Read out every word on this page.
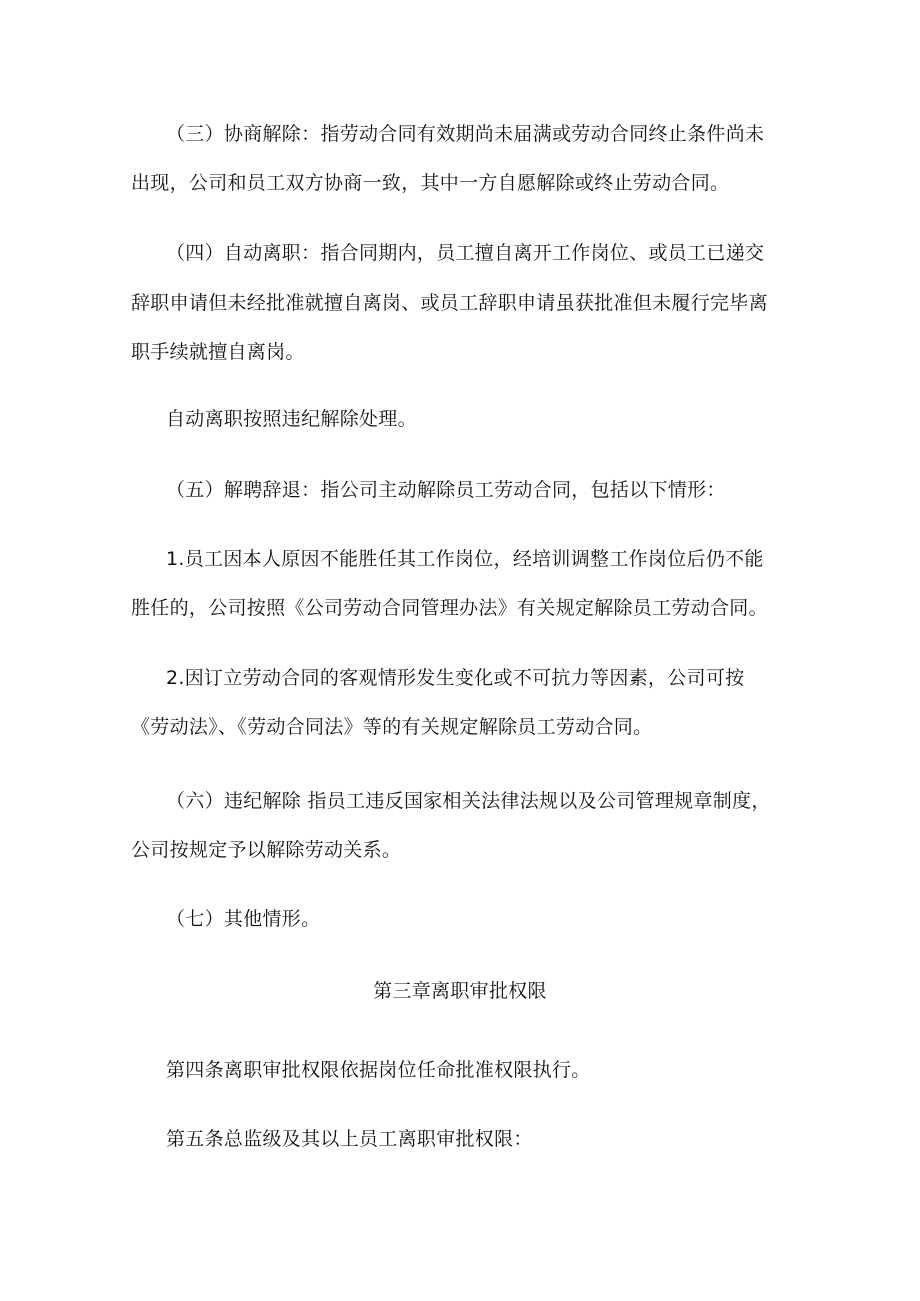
（三）协商解除：指劳动合同有效期尚未届满或劳动合同终止条件尚未
出现，公司和员工双方协商一致，其中一方自愿解除或终止劳动合同。
（四）自动离职：指合同期内，员工擅自离开工作岗位、或员工已递交
辞职申请但未经批准就擅自离岗、或员工辞职申请虽获批准但未履行完毕离
职手续就擅自离岗。
自动离职按照违纪解除处理。
（五）解聘辞退：指公司主动解除员工劳动合同，包括以下情形：
1.员工因本人原因不能胜任其工作岗位，经培训调整工作岗位后仍不能
胜任的，公司按照《公司劳动合同管理办法》有关规定解除员工劳动合同。
2.因订立劳动合同的客观情形发生变化或不可抗力等因素，公司可按
《劳动法》、《劳动合同法》等的有关规定解除员工劳动合同。
（六）违纪解除 指员工违反国家相关法律法规以及公司管理规章制度，
公司按规定予以解除劳动关系。
（七）其他情形。
第三章离职审批权限
第四条离职审批权限依据岗位任命批准权限执行。
第五条总监级及其以上员工离职审批权限：
